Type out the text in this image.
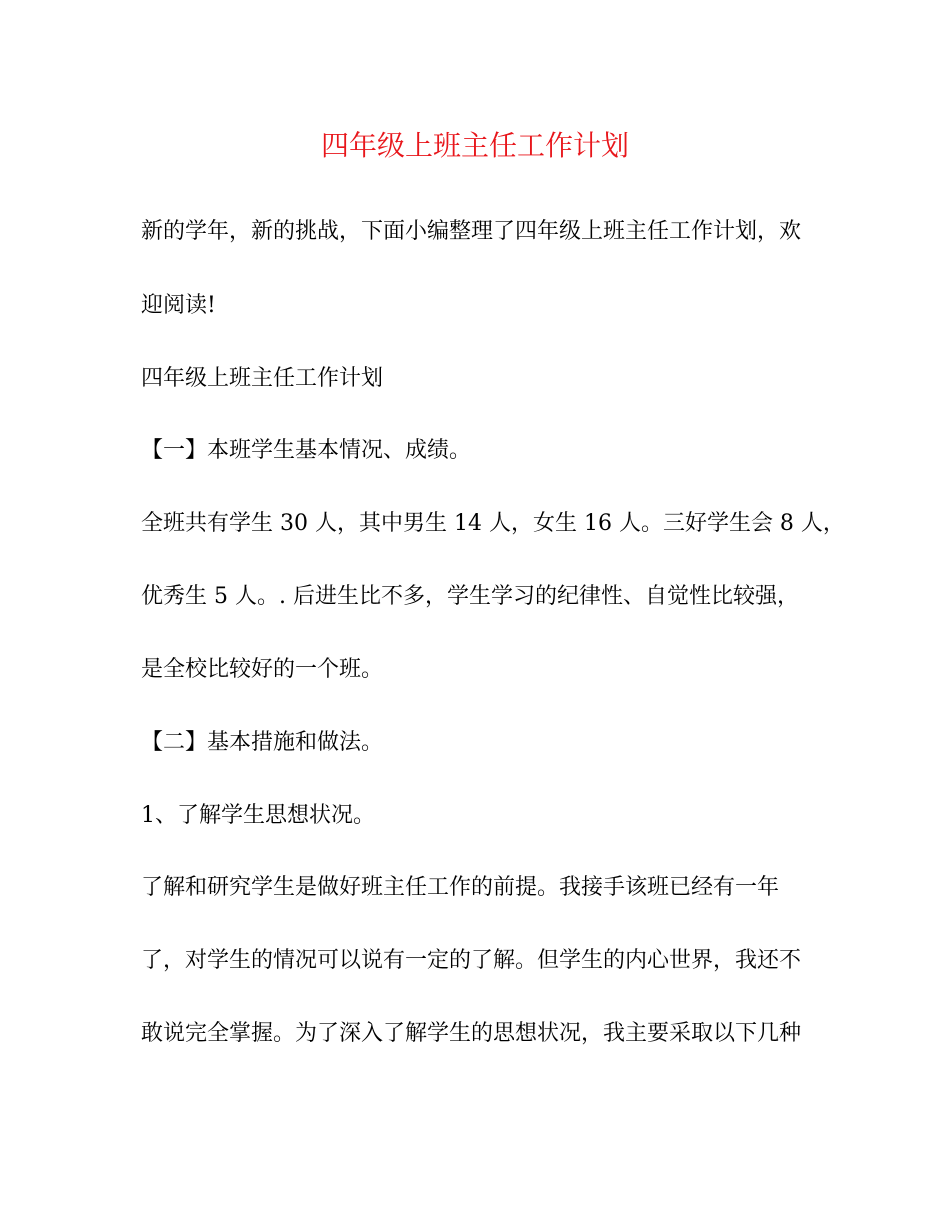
四年级上班主任工作计划

新的学年，新的挑战，下面小编整理了四年级上班主任工作计划，欢

迎阅读!

四年级上班主任工作计划

【一】本班学生基本情况、成绩。

全班共有学生 30 人，其中男生 14 人，女生 16 人。三好学生会 8 人，

优秀生 5 人。. 后进生比不多，学生学习的纪律性、自觉性比较强，

是全校比较好的一个班。

【二】基本措施和做法。

1、了解学生思想状况。

了解和研究学生是做好班主任工作的前提。我接手该班已经有一年

了，对学生的情况可以说有一定的了解。但学生的内心世界，我还不

敢说完全掌握。为了深入了解学生的思想状况，我主要采取以下几种
